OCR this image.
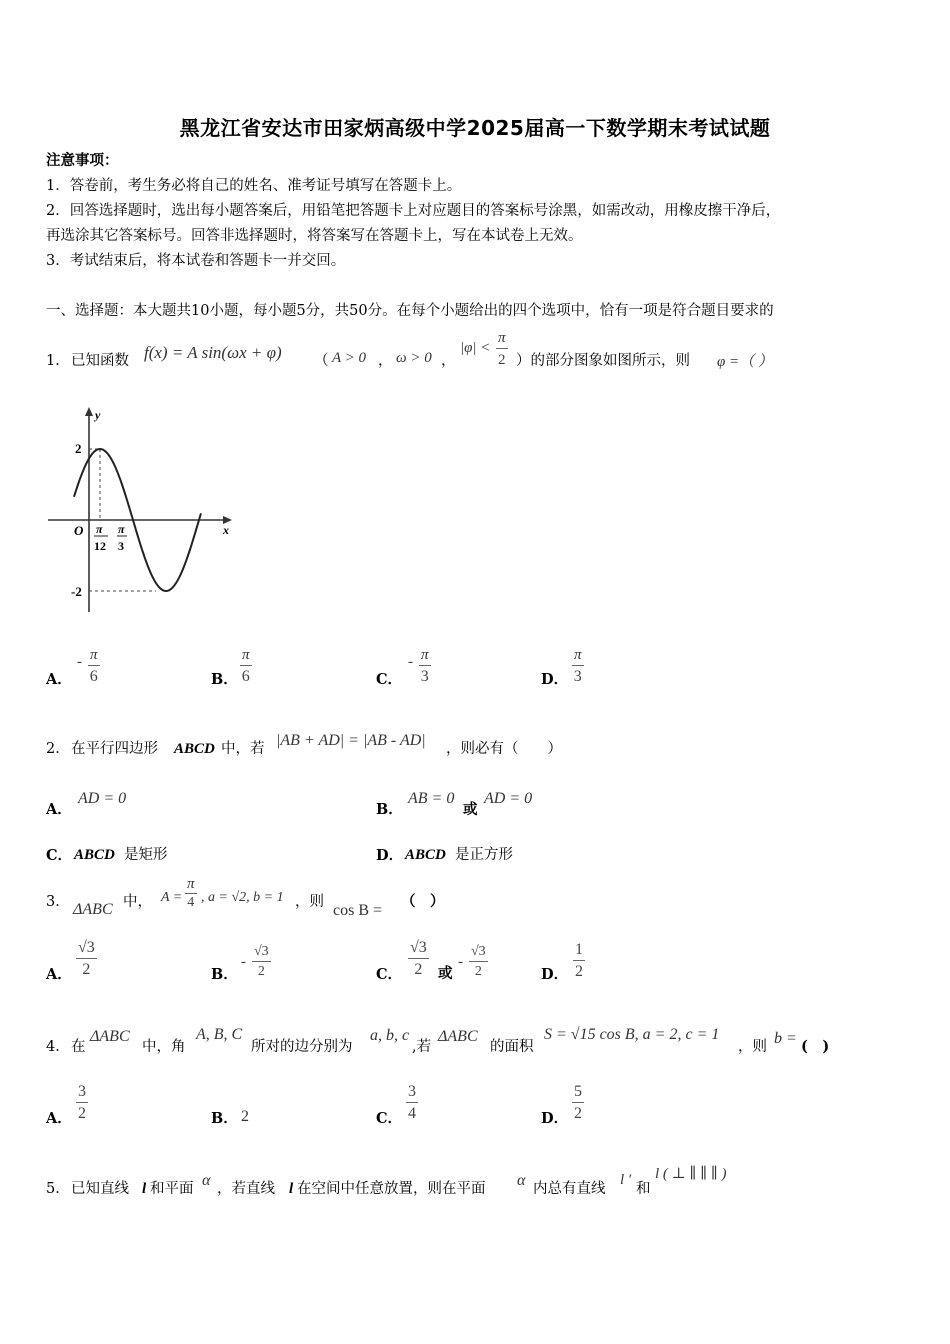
黑龙江省安达市田家炳高级中学2025届高一下数学期末考试试题
注意事项：
1．答卷前，考生务必将自己的姓名、准考证号填写在答题卡上。
2．回答选择题时，选出每小题答案后，用铅笔把答题卡上对应题目的答案标号涂黑，如需改动，用橡皮擦干净后，
再选涂其它答案标号。回答非选择题时，将答案写在答题卡上，写在本试卷上无效。
3．考试结束后，将本试卷和答题卡一并交回。
一、选择题：本大题共10小题，每小题5分，共50分。在每个小题给出的四个选项中，恰有一项是符合题目要求的
1． 已知函数 f(x) = A sin(ωx + φ) （ A > 0 ， ω > 0 ，
$|\varphi| < \frac{\pi}{2}$ ）的部分图象如图所示，则 φ =（ ）
y
x
O
2
-2
π
12
π
3
A．
- $\frac{\pi}{6}$	B． $\frac{\pi}{6}$	C．
- $\frac{\pi}{3}$	D． $\frac{\pi}{3}$
2． 在平行四边形 ABCD 中，若 |AB + AD| = |AB - AD| ，则必有（　　）
A．
AD = 0
B．
AB = 0
或
AD = 0
C． ABCD 是矩形	D． ABCD 是正方形
3． ΔABC 中， $A = \frac{\pi}{4}$ , a = √2, b = 1 ，则 cos B =
（　）
A． $\frac{√3}{2}$	B．
- $\frac{√3}{2}$	C． $\frac{√3}{2}$ 或
- $\frac{√3}{2}$	D． $\frac{1}{2}$
4． 在
ΔABC
中，角
A, B, C
所对的边分别为
a, b, c
,若
ΔABC
的面积
S = √15 cos B, a = 2, c = 1
，则 b = (　)
A． $\frac{3}{2}$	B． 2	C． $\frac{3}{4}$	D． $\frac{5}{2}$
5． 已知直线 l 和平面 α ，若直线 l 在空间中任意放置，则在平面 α 内总有直线
l ′
和
l ( ⊥ ∥ ∥ ∥ )
